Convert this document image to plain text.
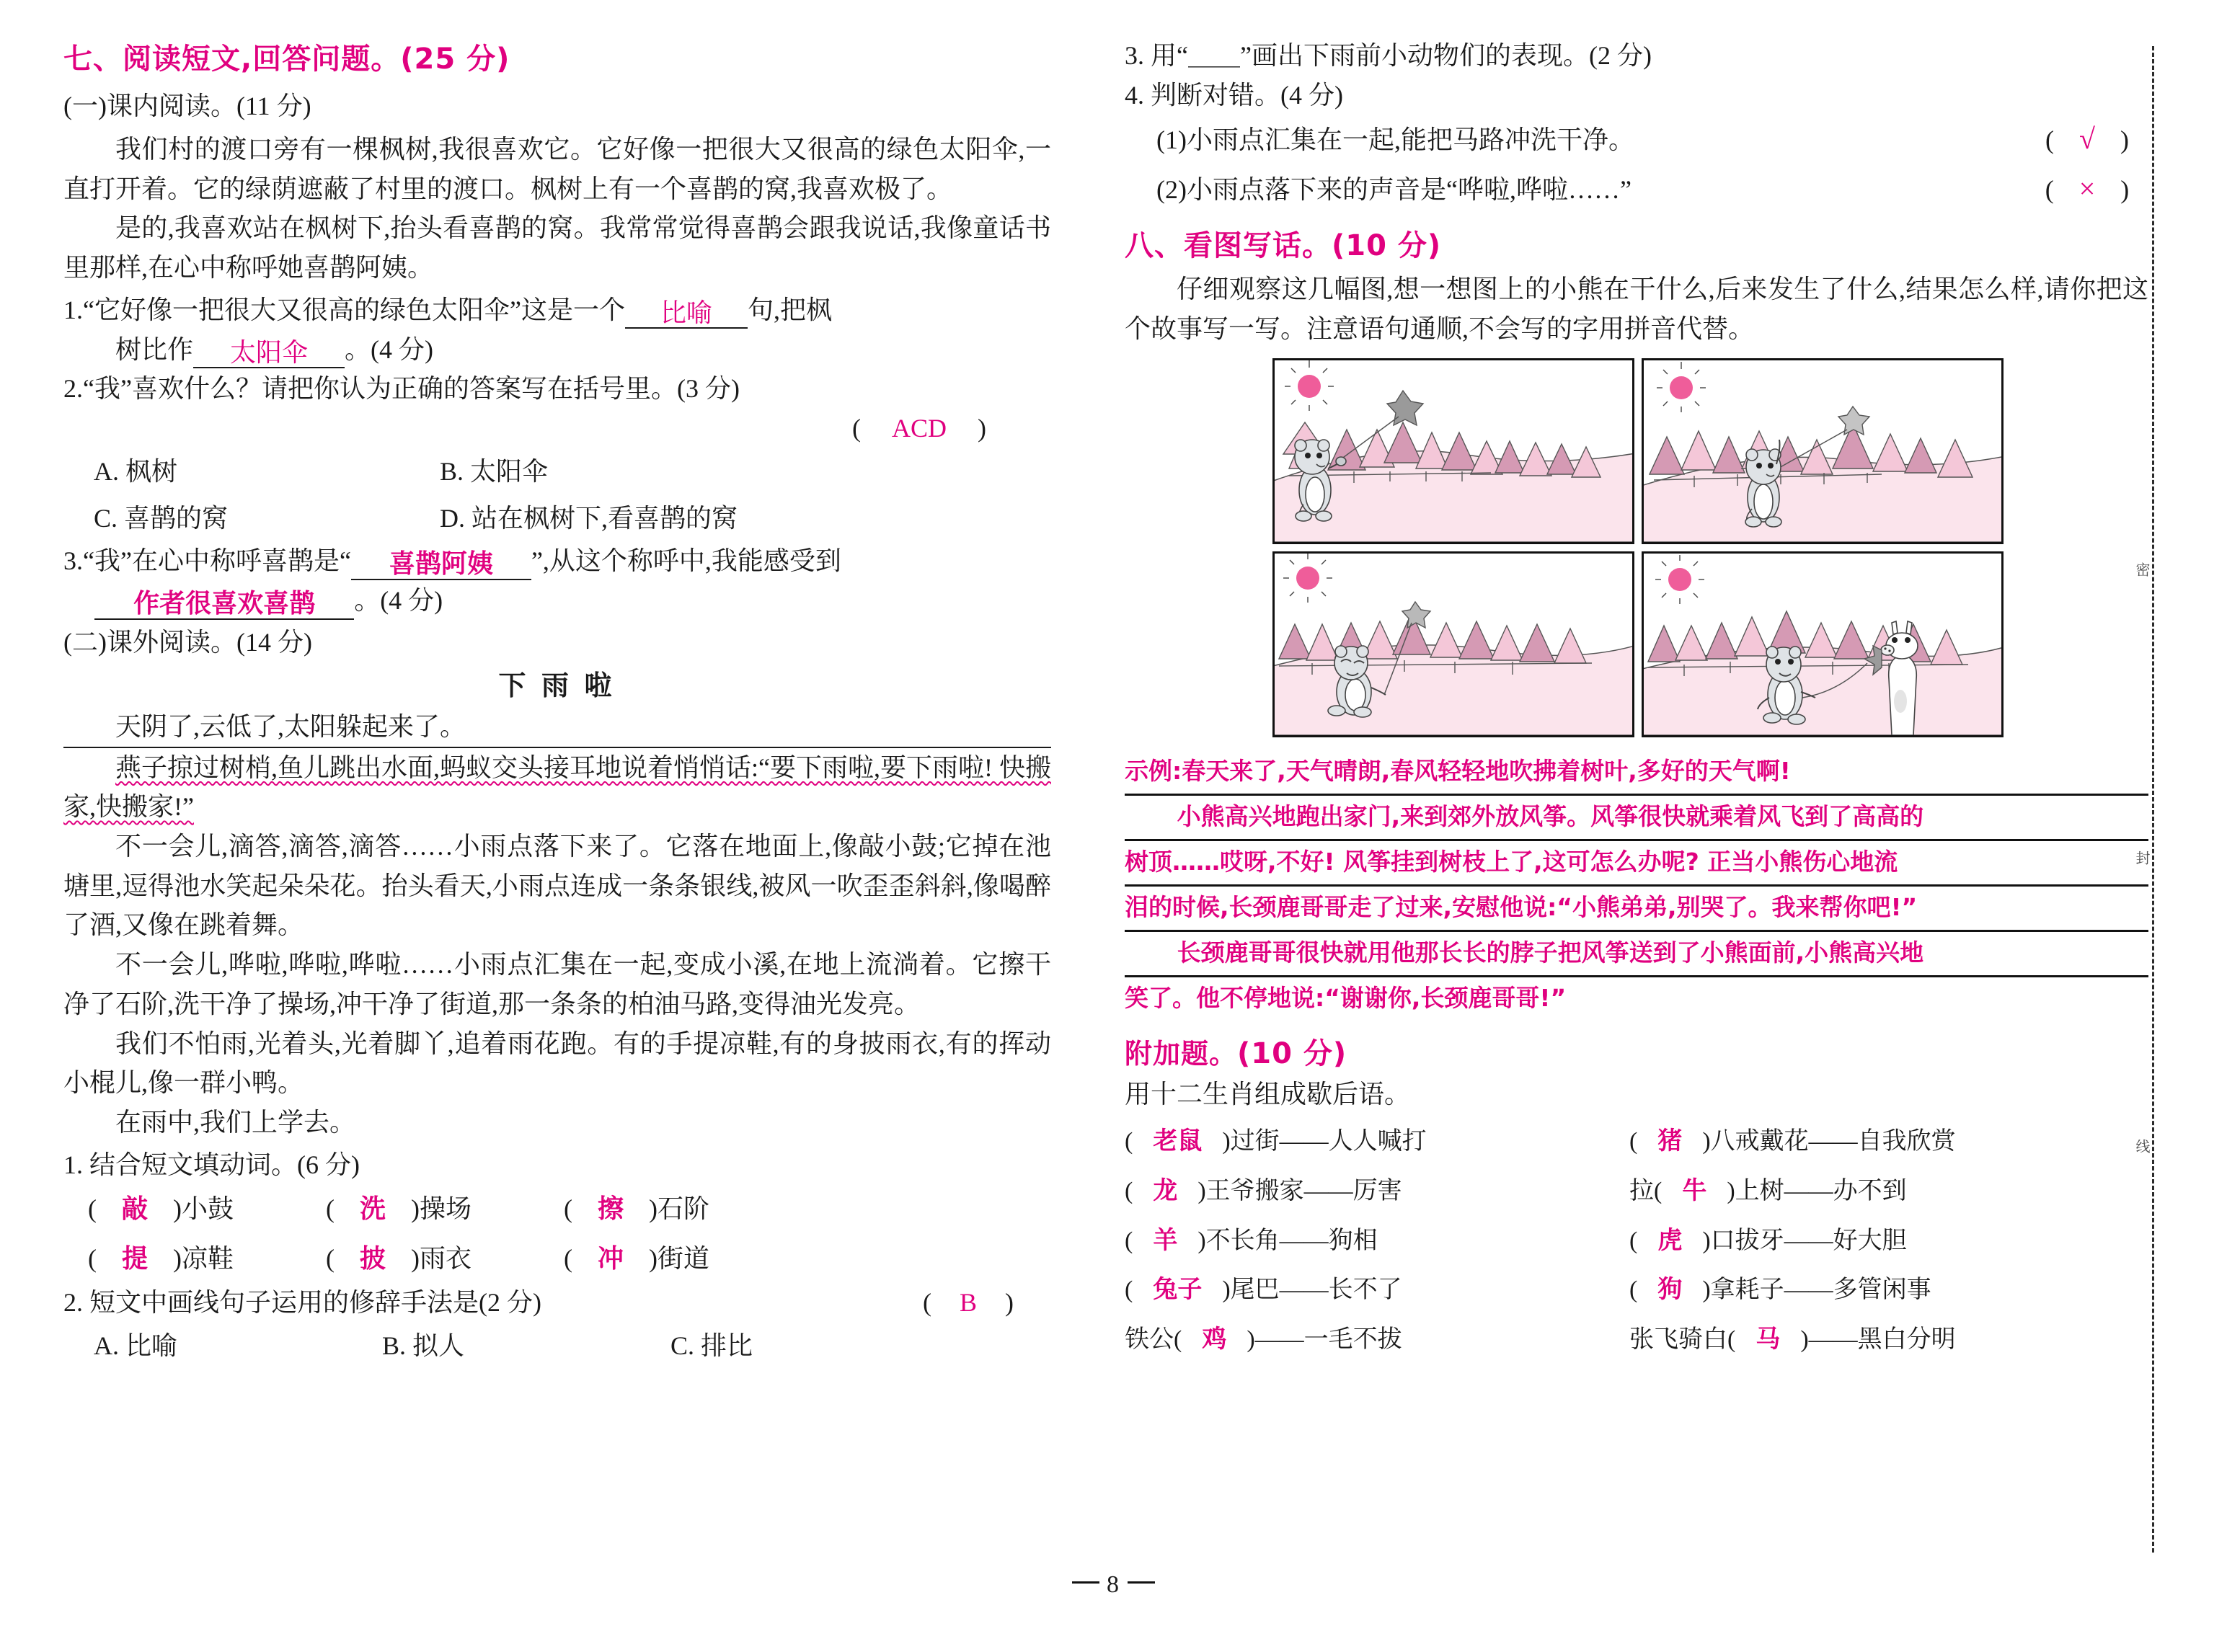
七、阅读短文,回答问题。(25 分)
(一)课内阅读。(11 分)
我们村的渡口旁有一棵枫树,我很喜欢它。它好像一把很大又很高的绿色太阳伞,一直打开着。它的绿荫遮蔽了村里的渡口。枫树上有一个喜鹊的窝,我喜欢极了。
是的,我喜欢站在枫树下,抬头看喜鹊的窝。我常常觉得喜鹊会跟我说话,我像童话书里那样,在心中称呼她喜鹊阿姨。
1.“它好像一把很大又很高的绿色太阳伞”这是一个 比喻 句,把枫
树比作 太阳伞 。(4 分)
2.“我”喜欢什么？请把你认为正确的答案写在括号里。(3 分)
( ACD )
A. 枫树	B. 太阳伞
C. 喜鹊的窝	D. 站在枫树下,看喜鹊的窝
3.“我”在心中称呼喜鹊是“ 喜鹊阿姨 ”,从这个称呼中,我能感受到
作者很喜欢喜鹊 。(4 分)
(二)课外阅读。(14 分)
下 雨 啦
天阴了,云低了,太阳躲起来了。
燕子掠过树梢,鱼儿跳出水面,蚂蚁交头接耳地说着悄悄话:“要下雨啦,要下雨啦! 快搬家,快搬家!”
不一会儿,滴答,滴答,滴答……小雨点落下来了。它落在地面上,像敲小鼓;它掉在池塘里,逗得池水笑起朵朵花。抬头看天,小雨点连成一条条银线,被风一吹歪歪斜斜,像喝醉了酒,又像在跳着舞。
不一会儿,哗啦,哗啦,哗啦……小雨点汇集在一起,变成小溪,在地上流淌着。它擦干净了石阶,洗干净了操场,冲干净了街道,那一条条的柏油马路,变得油光发亮。
我们不怕雨,光着头,光着脚丫,追着雨花跑。有的手提凉鞋,有的身披雨衣,有的挥动小棍儿,像一群小鸭。
在雨中,我们上学去。
1. 结合短文填动词。(6 分)
( 敲 )小鼓	( 洗 )操场	( 擦 )石阶
( 提 )凉鞋	( 披 )雨衣	( 冲 )街道
2. 短文中画线句子运用的修辞手法是(2 分)	( B )
A. 比喻	B. 拟人	C. 排比
3. 用“＿＿”画出下雨前小动物们的表现。(2 分)
4. 判断对错。(4 分)
(1)小雨点汇集在一起,能把马路冲洗干净。	( √ )
(2)小雨点落下来的声音是“哗啦,哗啦……”	( × )
八、看图写话。(10 分)
仔细观察这几幅图,想一想图上的小熊在干什么,后来发生了什么,结果怎么样,请你把这个故事写一写。注意语句通顺,不会写的字用拼音代替。
示例:春天来了,天气晴朗,春风轻轻地吹拂着树叶,多好的天气啊!
小熊高兴地跑出家门,来到郊外放风筝。风筝很快就乘着风飞到了高高的
树顶……哎呀,不好! 风筝挂到树枝上了,这可怎么办呢? 正当小熊伤心地流
泪的时候,长颈鹿哥哥走了过来,安慰他说:“小熊弟弟,别哭了。我来帮你吧!”
长颈鹿哥哥很快就用他那长长的脖子把风筝送到了小熊面前,小熊高兴地
笑了。他不停地说:“谢谢你,长颈鹿哥哥!”
附加题。(10 分)
用十二生肖组成歇后语。
( 老鼠 )过街——人人喊打	( 猪 )八戒戴花——自我欣赏
( 龙 )王爷搬家——厉害	拉( 牛 )上树——办不到
( 羊 )不长角——狗相	( 虎 )口拔牙——好大胆
( 兔子 )尾巴——长不了	( 狗 )拿耗子——多管闲事
铁公( 鸡 )——一毛不拔	张飞骑白( 马 )——黑白分明
密
封
线
8
